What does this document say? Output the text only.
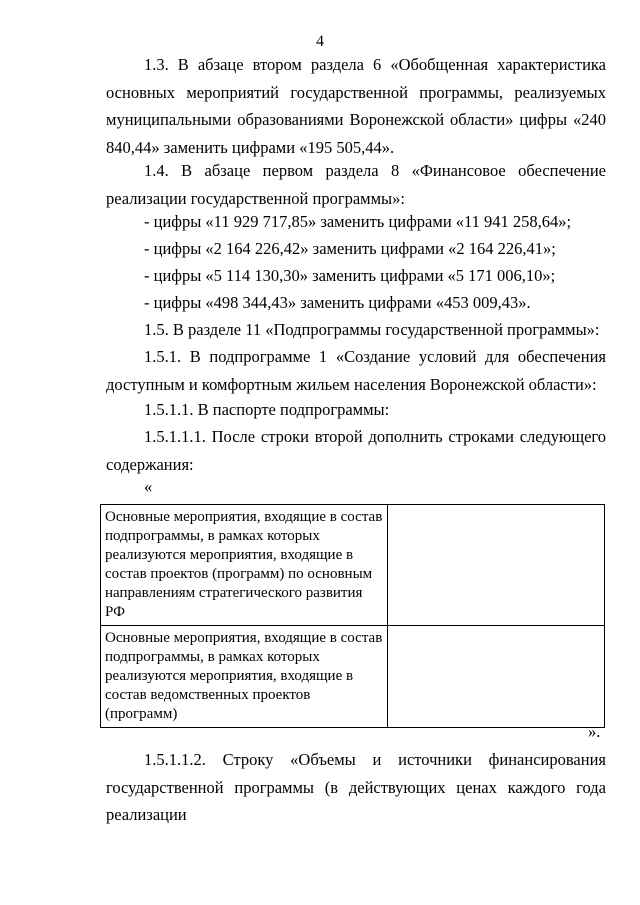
4
1.3. В абзаце втором раздела 6 «Обобщенная характеристика основных мероприятий государственной программы, реализуемых муниципальными образованиями Воронежской области» цифры «240 840,44» заменить цифрами «195 505,44».
1.4. В абзаце первом раздела 8 «Финансовое обеспечение реализации государственной программы»:
- цифры «11 929 717,85» заменить цифрами «11 941 258,64»;
- цифры «2 164 226,42» заменить цифрами «2 164 226,41»;
- цифры «5 114 130,30» заменить цифрами «5 171 006,10»;
- цифры «498 344,43» заменить цифрами «453 009,43».
1.5. В разделе 11 «Подпрограммы государственной программы»:
1.5.1. В подпрограмме 1 «Создание условий для обеспечения доступным и комфортным жильем населения Воронежской области»:
1.5.1.1. В паспорте подпрограммы:
1.5.1.1.1. После строки второй дополнить строками следующего содержания:
«
Основные мероприятия, входящие в состав подпрограммы, в рамках которых реализуются мероприятия, входящие в состав проектов (программ) по основным направлениям стратегического развития РФ	
Основные мероприятия, входящие в состав подпрограммы, в рамках которых реализуются мероприятия, входящие в состав ведомственных проектов (программ)	
».
1.5.1.1.2. Строку «Объемы и источники финансирования государственной программы (в действующих ценах каждого года реализации
